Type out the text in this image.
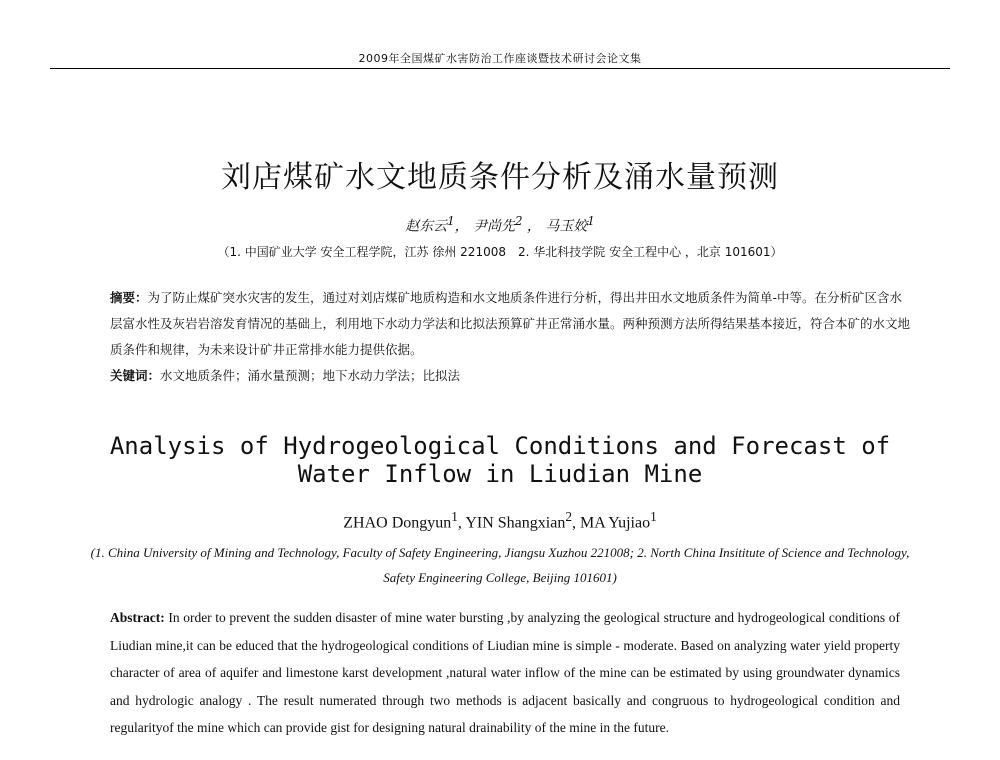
2009年全国煤矿水害防治工作座谈暨技术研讨会论文集
刘店煤矿水文地质条件分析及涌水量预测
赵东云$^1$， 尹尚先$^2$ ， 马玉姣$^1$
（1. 中国矿业大学 安全工程学院，江苏 徐州 221008　2. 华北科技学院 安全工程中心 ，北京 101601）
摘要：为了防止煤矿突水灾害的发生，通过对刘店煤矿地质构造和水文地质条件进行分析，得出井田水文地质条件为简单-中等。在分析矿区含水层富水性及灰岩岩溶发育情况的基础上，利用地下水动力学法和比拟法预算矿井正常涌水量。两种预测方法所得结果基本接近，符合本矿的水文地质条件和规律，为未来设计矿井正常排水能力提供依据。
关键词：水文地质条件；涌水量预测；地下水动力学法；比拟法
Analysis of Hydrogeological Conditions and Forecast of Water Inflow in Liudian Mine
ZHAO Dongyun$^1$, YIN Shangxian$^2$, MA Yujiao$^1$
(1. China University of Mining and Technology, Faculty of Safety Engineering, Jiangsu Xuzhou 221008; 2. North China Insititute of Science and Technology, Safety Engineering College, Beijing 101601)
Abstract: In order to prevent the sudden disaster of mine water bursting ,by analyzing the geological structure and hydrogeological conditions of Liudian mine,it can be educed that the hydrogeological conditions of Liudian mine is simple - moderate. Based on analyzing water yield property character of area of aquifer and limestone karst development ,natural water inflow of the mine can be estimated by using groundwater dynamics and hydrologic analogy . The result numerated through two methods is adjacent basically and congruous to hydrogeological condition and regularityof the mine which can provide gist for designing natural drainability of the mine in the future.
